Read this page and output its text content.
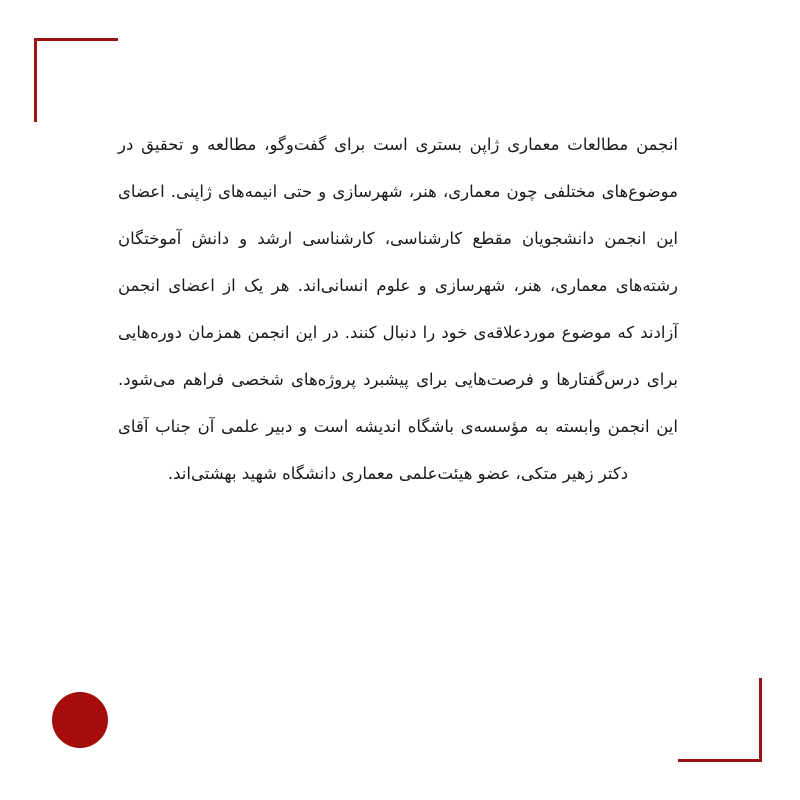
انجمن مطالعات معماری ژاپن بستری است برای گفت‌وگو، مطالعه و تحقیق در موضوع‌های مختلفی چون معماری، هنر، شهرسازی و حتی انیمه‌های ژاپنی. اعضای این انجمن دانشجویان مقطع کارشناسی، کارشناسی ارشد و دانش آموختگان رشته‌های معماری، هنر، شهرسازی و علوم انسانی‌اند. هر یک از اعضای انجمن آزادند که موضوع مورد‌علاقه‌ی خود را دنبال کنند. در این انجمن همزمان دوره‌هایی برای درس‌گفتارها و فرصت‌هایی برای پیشبرد پروژه‌های شخصی فراهم می‌شود. این انجمن وابسته به مؤسسه‌ی باشگاه اندیشه است و دبیر علمی آن جناب آقای دکتر زهیر متکی، عضو هیئت‌علمی معماری دانشگاه شهید بهشتی‌اند.
